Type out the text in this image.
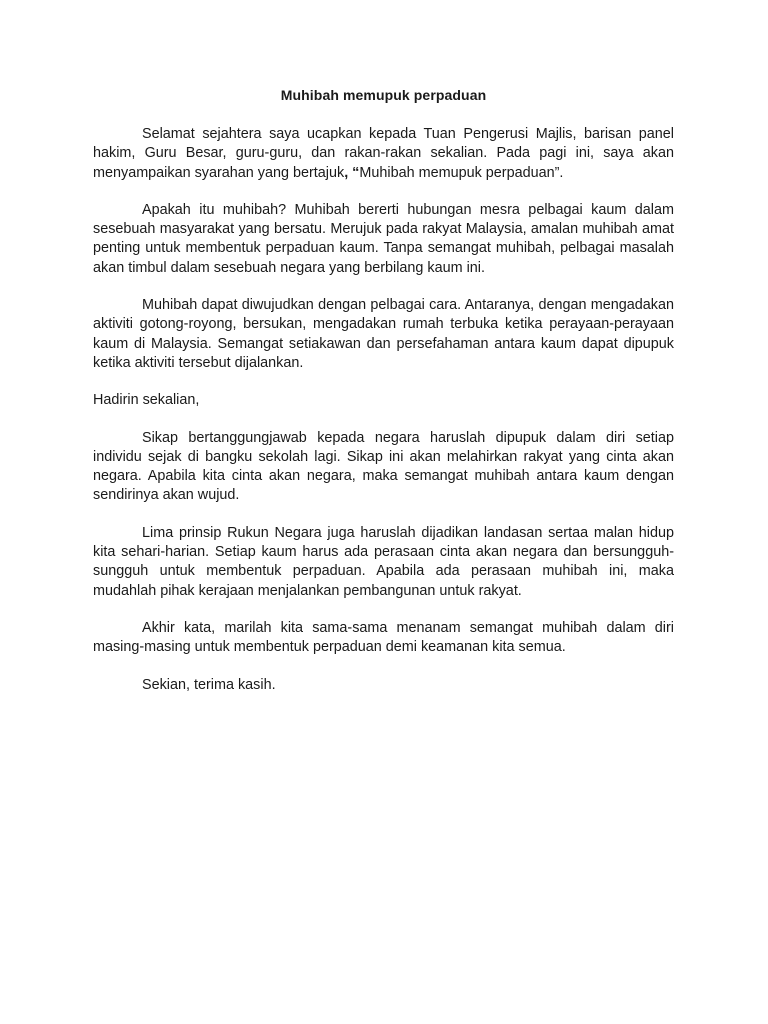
Muhibah memupuk perpaduan

Selamat sejahtera saya ucapkan kepada Tuan Pengerusi Majlis, barisan panel hakim, Guru Besar, guru-guru, dan rakan-rakan sekalian. Pada pagi ini, saya akan menyampaikan syarahan yang bertajuk, “Muhibah memupuk perpaduan”.

Apakah itu muhibah? Muhibah bererti hubungan mesra pelbagai kaum dalam sesebuah masyarakat yang bersatu. Merujuk pada rakyat Malaysia, amalan muhibah amat penting untuk membentuk perpaduan kaum. Tanpa semangat muhibah, pelbagai masalah akan timbul dalam sesebuah negara yang berbilang kaum ini.

Muhibah dapat diwujudkan dengan pelbagai cara. Antaranya, dengan mengadakan aktiviti gotong-royong, bersukan, mengadakan rumah terbuka ketika perayaan-perayaan kaum di Malaysia. Semangat setiakawan dan persefahaman antara kaum dapat dipupuk ketika aktiviti tersebut dijalankan.

Hadirin sekalian,

Sikap bertanggungjawab kepada negara haruslah dipupuk dalam diri setiap individu sejak di bangku sekolah lagi. Sikap ini akan melahirkan rakyat yang cinta akan negara. Apabila kita cinta akan negara, maka semangat muhibah antara kaum dengan sendirinya akan wujud.

Lima prinsip Rukun Negara juga haruslah dijadikan landasan sertaa malan hidup kita sehari-harian. Setiap kaum harus ada perasaan cinta akan negara dan bersungguh-sungguh untuk membentuk perpaduan. Apabila ada perasaan muhibah ini, maka mudahlah pihak kerajaan menjalankan pembangunan untuk rakyat.

Akhir kata, marilah kita sama-sama menanam semangat muhibah dalam diri masing-masing untuk membentuk perpaduan demi keamanan kita semua.

Sekian, terima kasih.
